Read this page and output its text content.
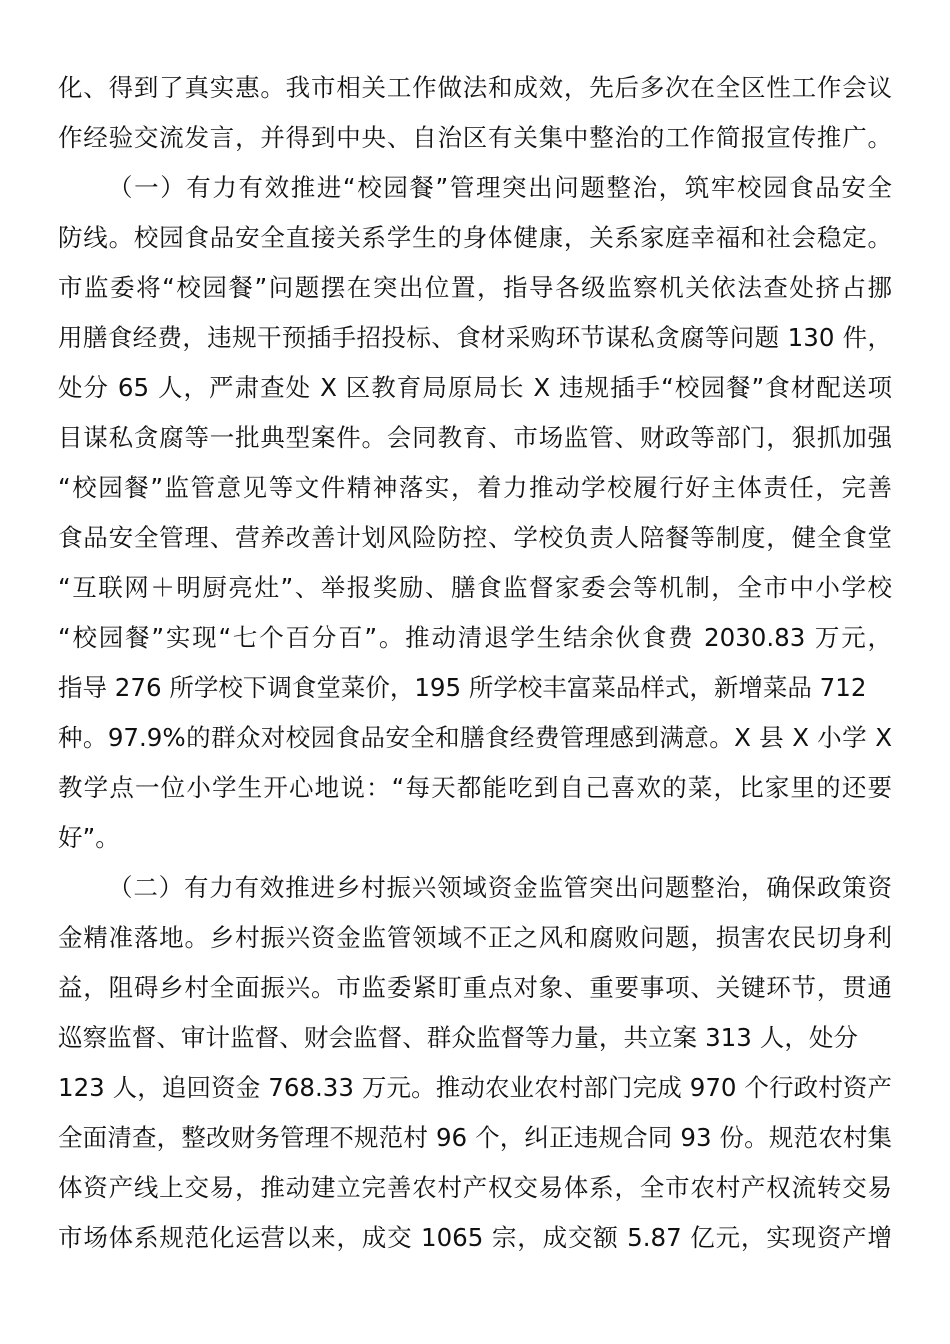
化、得到了真实惠。我市相关工作做法和成效，先后多次在全区性工作会议
作经验交流发言，并得到中央、自治区有关集中整治的工作简报宣传推广。
（一）有力有效推进“校园餐”管理突出问题整治，筑牢校园食品安全
防线。校园食品安全直接关系学生的身体健康，关系家庭幸福和社会稳定。
市监委将“校园餐”问题摆在突出位置，指导各级监察机关依法查处挤占挪
用膳食经费，违规干预插手招投标、食材采购环节谋私贪腐等问题 130 件，
处分 65 人，严肃查处 X 区教育局原局长 X 违规插手“校园餐”食材配送项
目谋私贪腐等一批典型案件。会同教育、市场监管、财政等部门，狠抓加强
“校园餐”监管意见等文件精神落实，着力推动学校履行好主体责任，完善
食品安全管理、营养改善计划风险防控、学校负责人陪餐等制度，健全食堂
“互联网＋明厨亮灶”、举报奖励、膳食监督家委会等机制，全市中小学校
“校园餐”实现“七个百分百”。推动清退学生结余伙食费 2030.83 万元，
指导 276 所学校下调食堂菜价，195 所学校丰富菜品样式，新增菜品 712
种。97.9%的群众对校园食品安全和膳食经费管理感到满意。X 县 X 小学 X
教学点一位小学生开心地说：“每天都能吃到自己喜欢的菜，比家里的还要
好”。
（二）有力有效推进乡村振兴领域资金监管突出问题整治，确保政策资
金精准落地。乡村振兴资金监管领域不正之风和腐败问题，损害农民切身利
益，阻碍乡村全面振兴。市监委紧盯重点对象、重要事项、关键环节，贯通
巡察监督、审计监督、财会监督、群众监督等力量，共立案 313 人，处分
123 人，追回资金 768.33 万元。推动农业农村部门完成 970 个行政村资产
全面清查，整改财务管理不规范村 96 个，纠正违规合同 93 份。规范农村集
体资产线上交易，推动建立完善农村产权交易体系，全市农村产权流转交易
市场体系规范化运营以来，成交 1065 宗，成交额 5.87 亿元，实现资产增
